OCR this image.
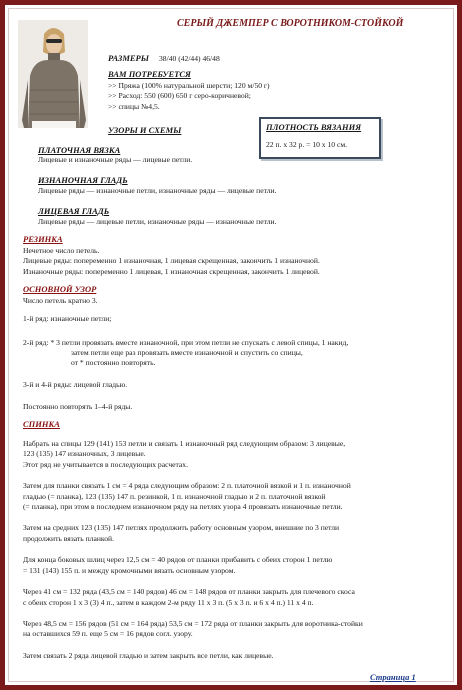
СЕРЫЙ ДЖЕМПЕР С ВОРОТНИКОМ-СТОЙКОЙ
РАЗМЕРЫ 38/40 (42/44) 46/48
ВАМ ПОТРЕБУЕТСЯ
>> Пряжа (100% натуральной шерсти; 120 м/50 г)
>> Расход: 550 (600) 650 г серо-коричневой;
>> спицы №4,5.
ПЛОТНОСТЬ ВЯЗАНИЯ
22 п. х 32 р. = 10 х 10 см.
УЗОРЫ И СХЕМЫ
ПЛАТОЧНАЯ ВЯЗКА
Лицевые и изнаночные ряды — лицевые петли.
ИЗНАНОЧНАЯ ГЛАДЬ
Лицевые ряды — изнаночные петли, изнаночные ряды — лицевые петли.
ЛИЦЕВАЯ ГЛАДЬ
Лицевые ряды — лицевые петли, изнаночные ряды — изнаночные петли.
РЕЗИНКА
Нечетное число петель.
Лицевые ряды: попеременно 1 изнаночная, 1 лицевая скрещенная, закончить 1 изнаночной.
Изнаночные ряды: попеременно 1 лицевая, 1 изнаночная скрещенная, закончить 1 лицевой.
ОСНОВНОЙ УЗОР
Число петель кратно 3.
1-й ряд: изнаночные петли;
2-й ряд: * 3 петли провязать вместе изнаночной, при этом петли не спускать с левой спицы, 1 накид,
затем петли еще раз провязать вместе изнаночной и спустить со спицы,
от * постоянно повторять.
3-й и 4-й ряды: лицевой гладью.
Постоянно повторять 1–4-й ряды.
СПИНКА
Набрать на спицы 129 (141) 153 петли и связать 1 изнаночный ряд следующим образом: 3 лицевые,
123 (135) 147 изнаночных, 3 лицевые.
Этот ряд не учитывается в последующих расчетах.
Затем для планки связать 1 см = 4 ряда следующим образом: 2 п. платочной вязкой и 1 п. изнаночной
гладью (= планка), 123 (135) 147 п. резинкой, 1 п. изнаночной гладью и 2 п. платочной вязкой
(= планка), при этом в последнем изнаночном ряду на петлях узора 4 провязать изнаночные петли.
Затем на средних 123 (135) 147 петлях продолжить работу основным узором, внешние по 3 петли
продолжить вязать планкой.
Для конца боковых шлиц через 12,5 см = 40 рядов от планки прибавить с обеих сторон 1 петлю
= 131 (143) 155 п. и между кромочными вязать основным узором.
Через 41 см = 132 ряда (43,5 см = 140 рядов) 46 см = 148 рядов от планки закрыть для плечевого скоса
с обеих сторон 1 х 3 (3) 4 п., затем в каждом 2-м ряду 11 х 3 п. (5 х 3 п. и 6 х 4 п.) 11 х 4 п.
Через 48,5 см = 156 рядов (51 см = 164 ряда) 53,5 см = 172 ряда от планки закрыть для воротника-стойки
на оставшихся 59 п. еще 5 см = 16 рядов согл. узору.
Затем связать 2 ряда лицевой гладью и затем закрыть все петли, как лицевые.
Страница 1
